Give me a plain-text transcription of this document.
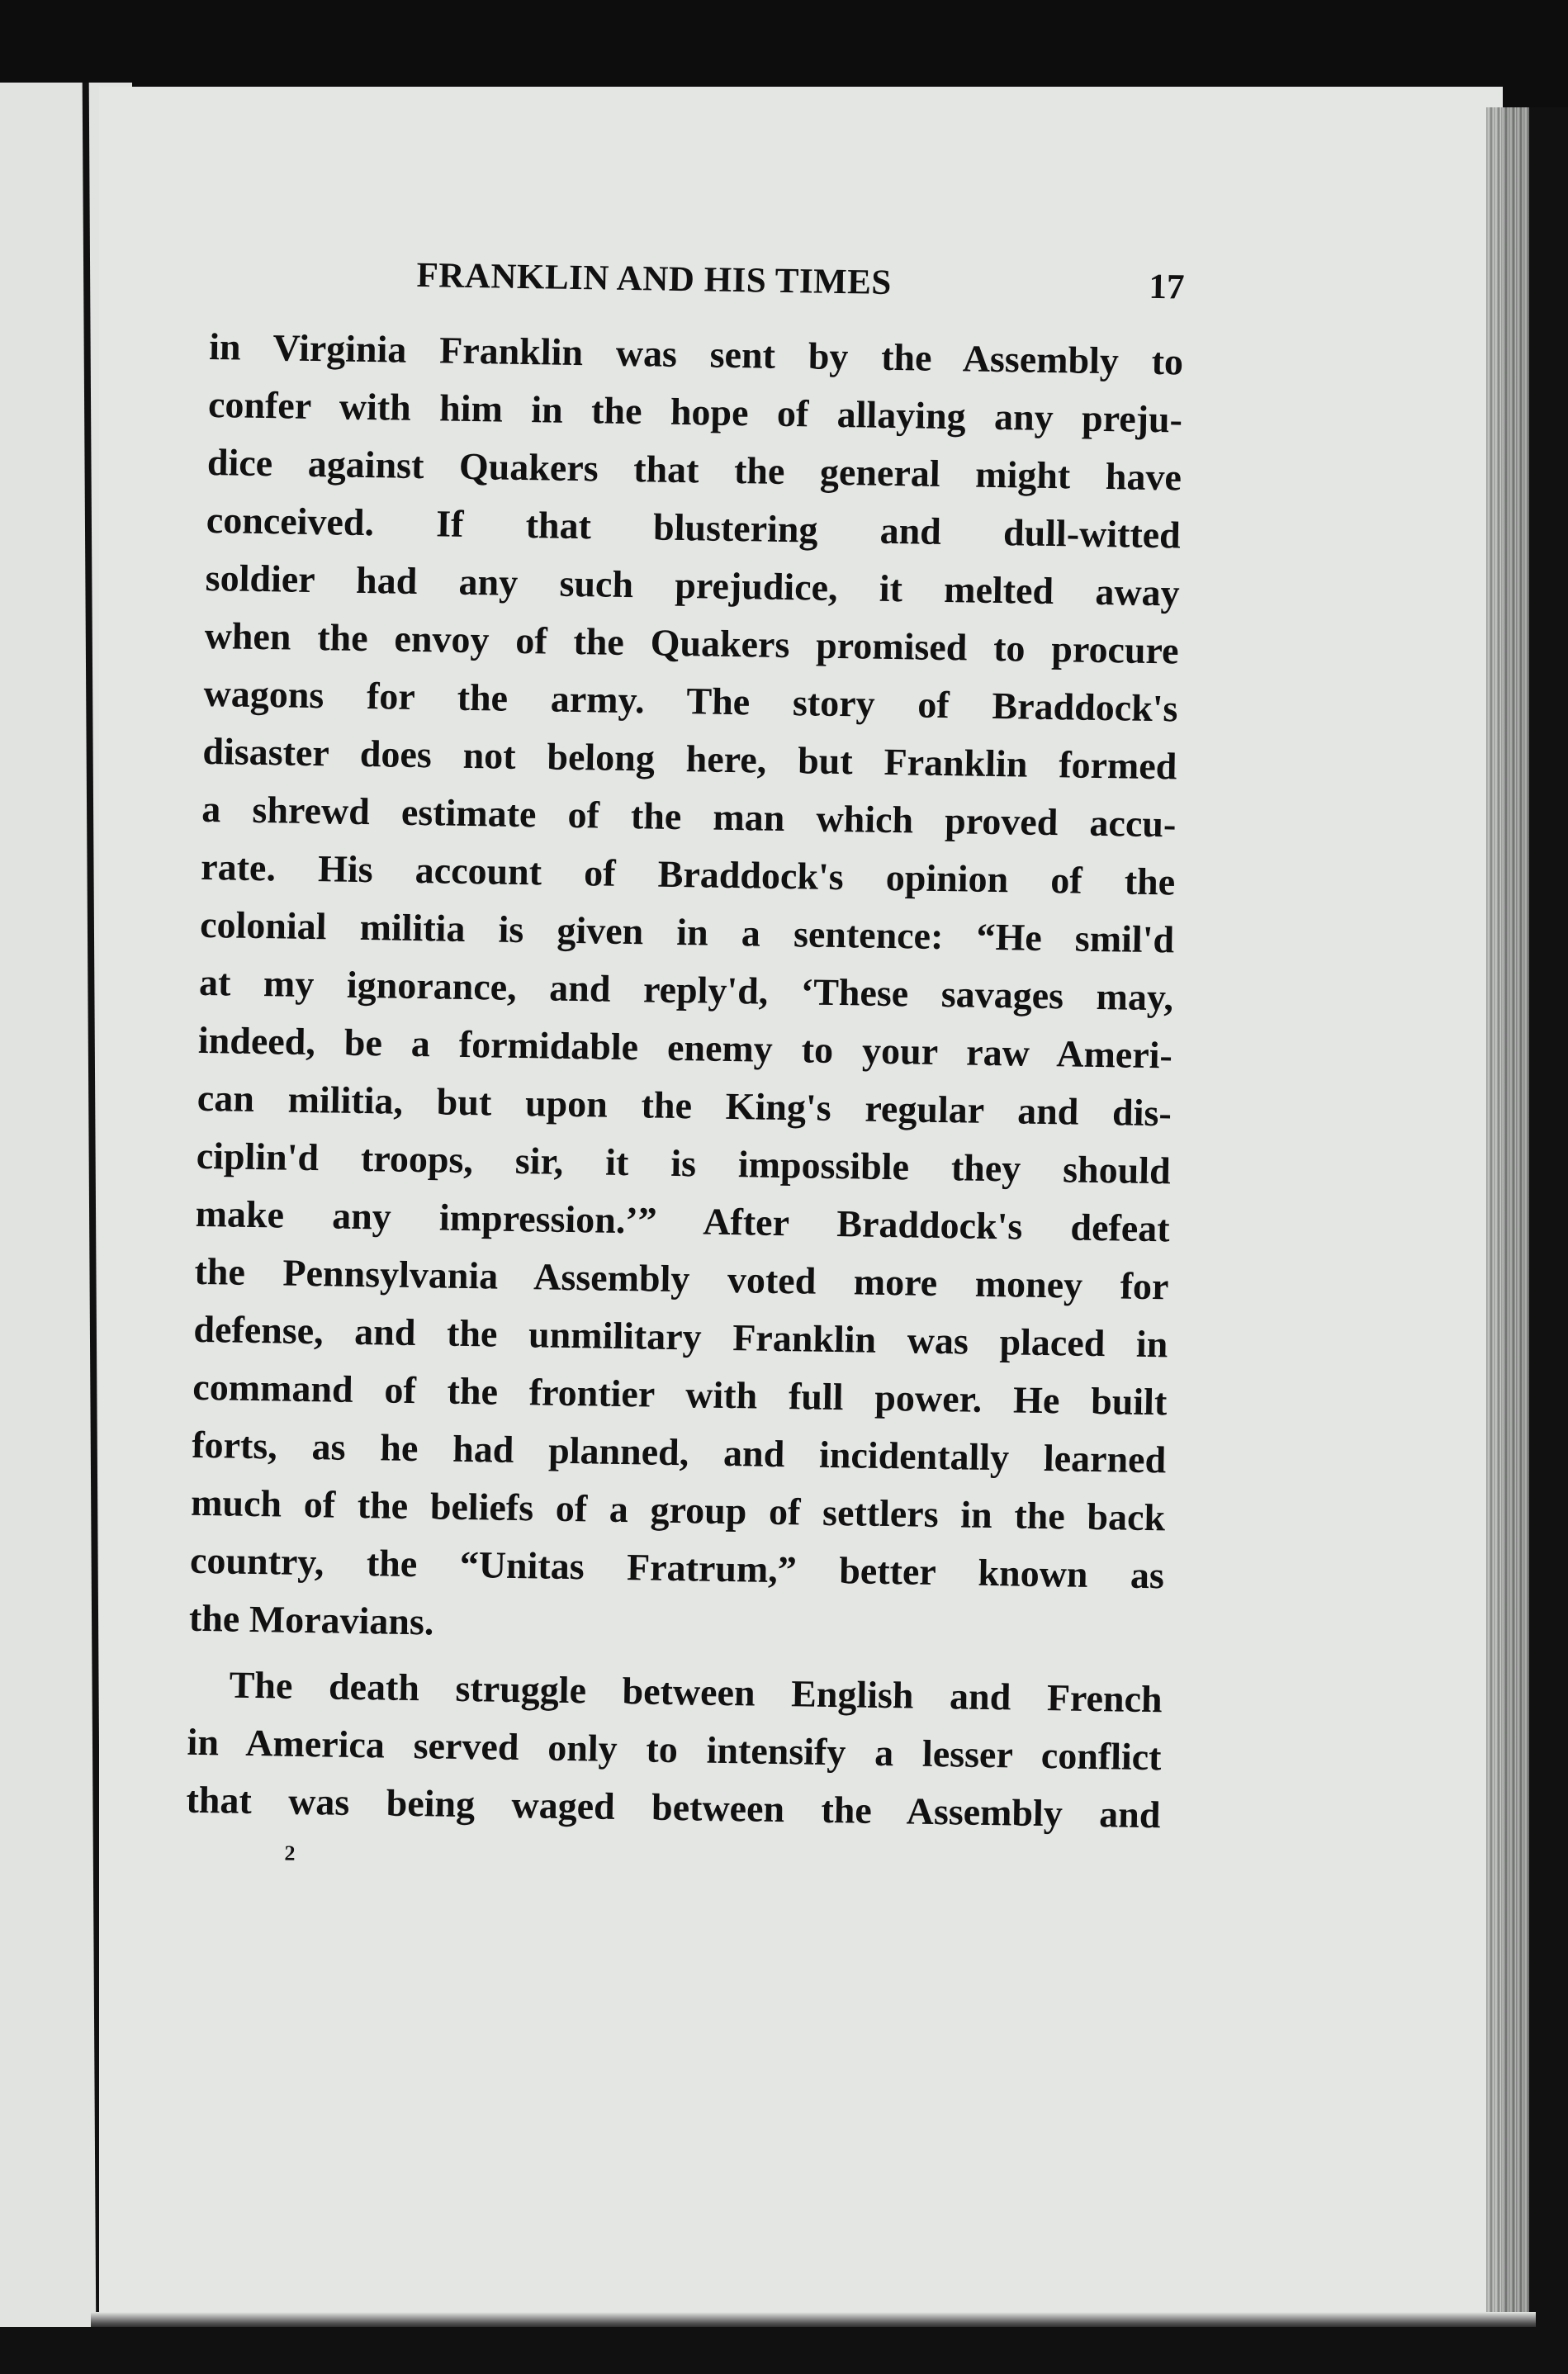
FRANKLIN AND HIS TIMES	17

in Virginia Franklin was sent by the Assembly to
confer with him in the hope of allaying any preju-
dice against Quakers that the general might have
conceived. If that blustering and dull-witted
soldier had any such prejudice, it melted away
when the envoy of the Quakers promised to procure
wagons for the army. The story of Braddock's
disaster does not belong here, but Franklin formed
a shrewd estimate of the man which proved accu-
rate. His account of Braddock's opinion of the
colonial militia is given in a sentence: “He smil'd
at my ignorance, and reply'd, ‘These savages may,
indeed, be a formidable enemy to your raw Ameri-
can militia, but upon the King's regular and dis-
ciplin'd troops, sir, it is impossible they should
make any impression.’” After Braddock's defeat
the Pennsylvania Assembly voted more money for
defense, and the unmilitary Franklin was placed in
command of the frontier with full power. He built
forts, as he had planned, and incidentally learned
much of the beliefs of a group of settlers in the back
country, the “Unitas Fratrum,” better known as
the Moravians.

The death struggle between English and French
in America served only to intensify a lesser conflict
that was being waged between the Assembly and

2
